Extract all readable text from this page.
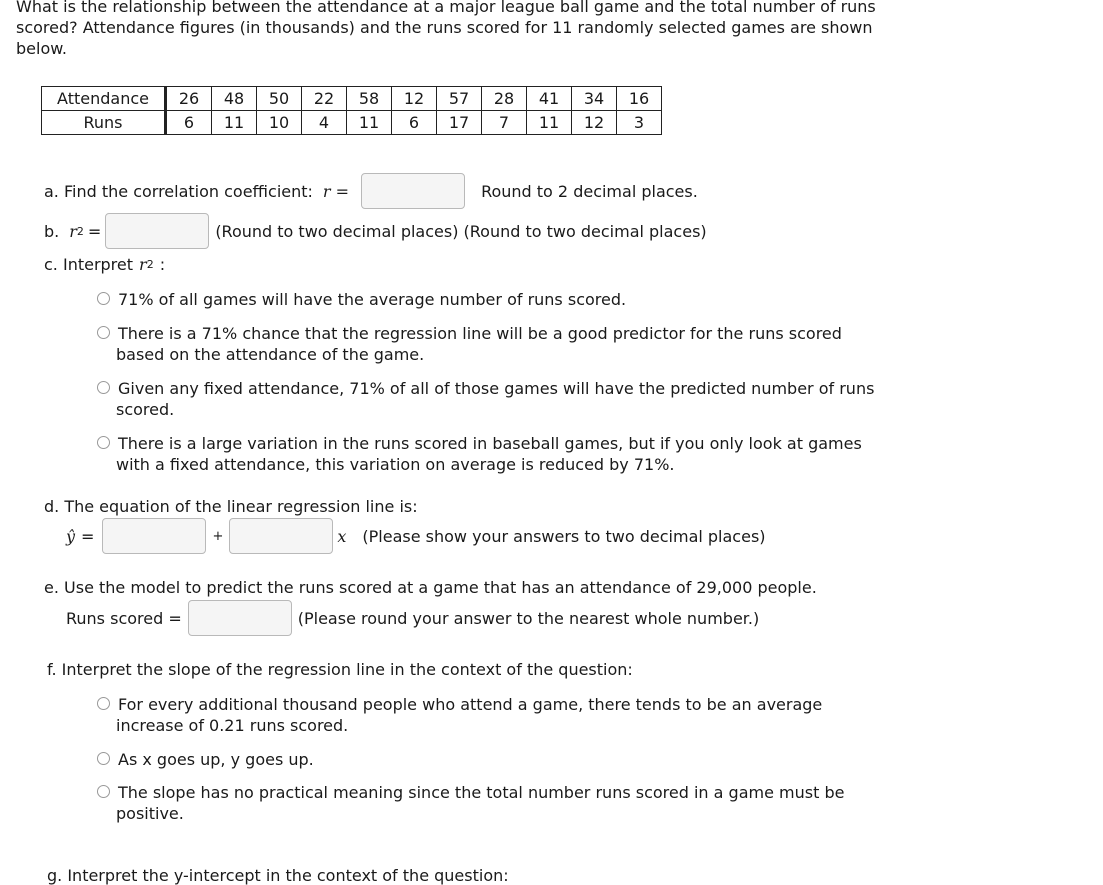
What is the relationship between the attendance at a major league ball game and the total number of runs scored? Attendance figures (in thousands) and the runs scored for 11 randomly selected games are shown below.

Attendance	26	48	50	22	58	12	57	28	41	34	16
Runs	6	11	10	4	11	6	17	7	11	12	3
a. Find the correlation coefficient: r =	Round to 2 decimal places.
b. r 2 =	(Round to two decimal places) (Round to two decimal places)
c. Interpret r 2 :
71% of all games will have the average number of runs scored.
There is a 71% chance that the regression line will be a good predictor for the runs scored based on the attendance of the game.
Given any fixed attendance, 71% of all of those games will have the predicted number of runs scored.
There is a large variation in the runs scored in baseball games, but if you only look at games with a fixed attendance, this variation on average is reduced by 71%.
d. The equation of the linear regression line is:
ŷ =	+	x (Please show your answers to two decimal places)
e. Use the model to predict the runs scored at a game that has an attendance of 29,000 people.
Runs scored =	(Please round your answer to the nearest whole number.)
f. Interpret the slope of the regression line in the context of the question:
For every additional thousand people who attend a game, there tends to be an average increase of 0.21 runs scored.
As x goes up, y goes up.
The slope has no practical meaning since the total number runs scored in a game must be positive.
g. Interpret the y-intercept in the context of the question:
